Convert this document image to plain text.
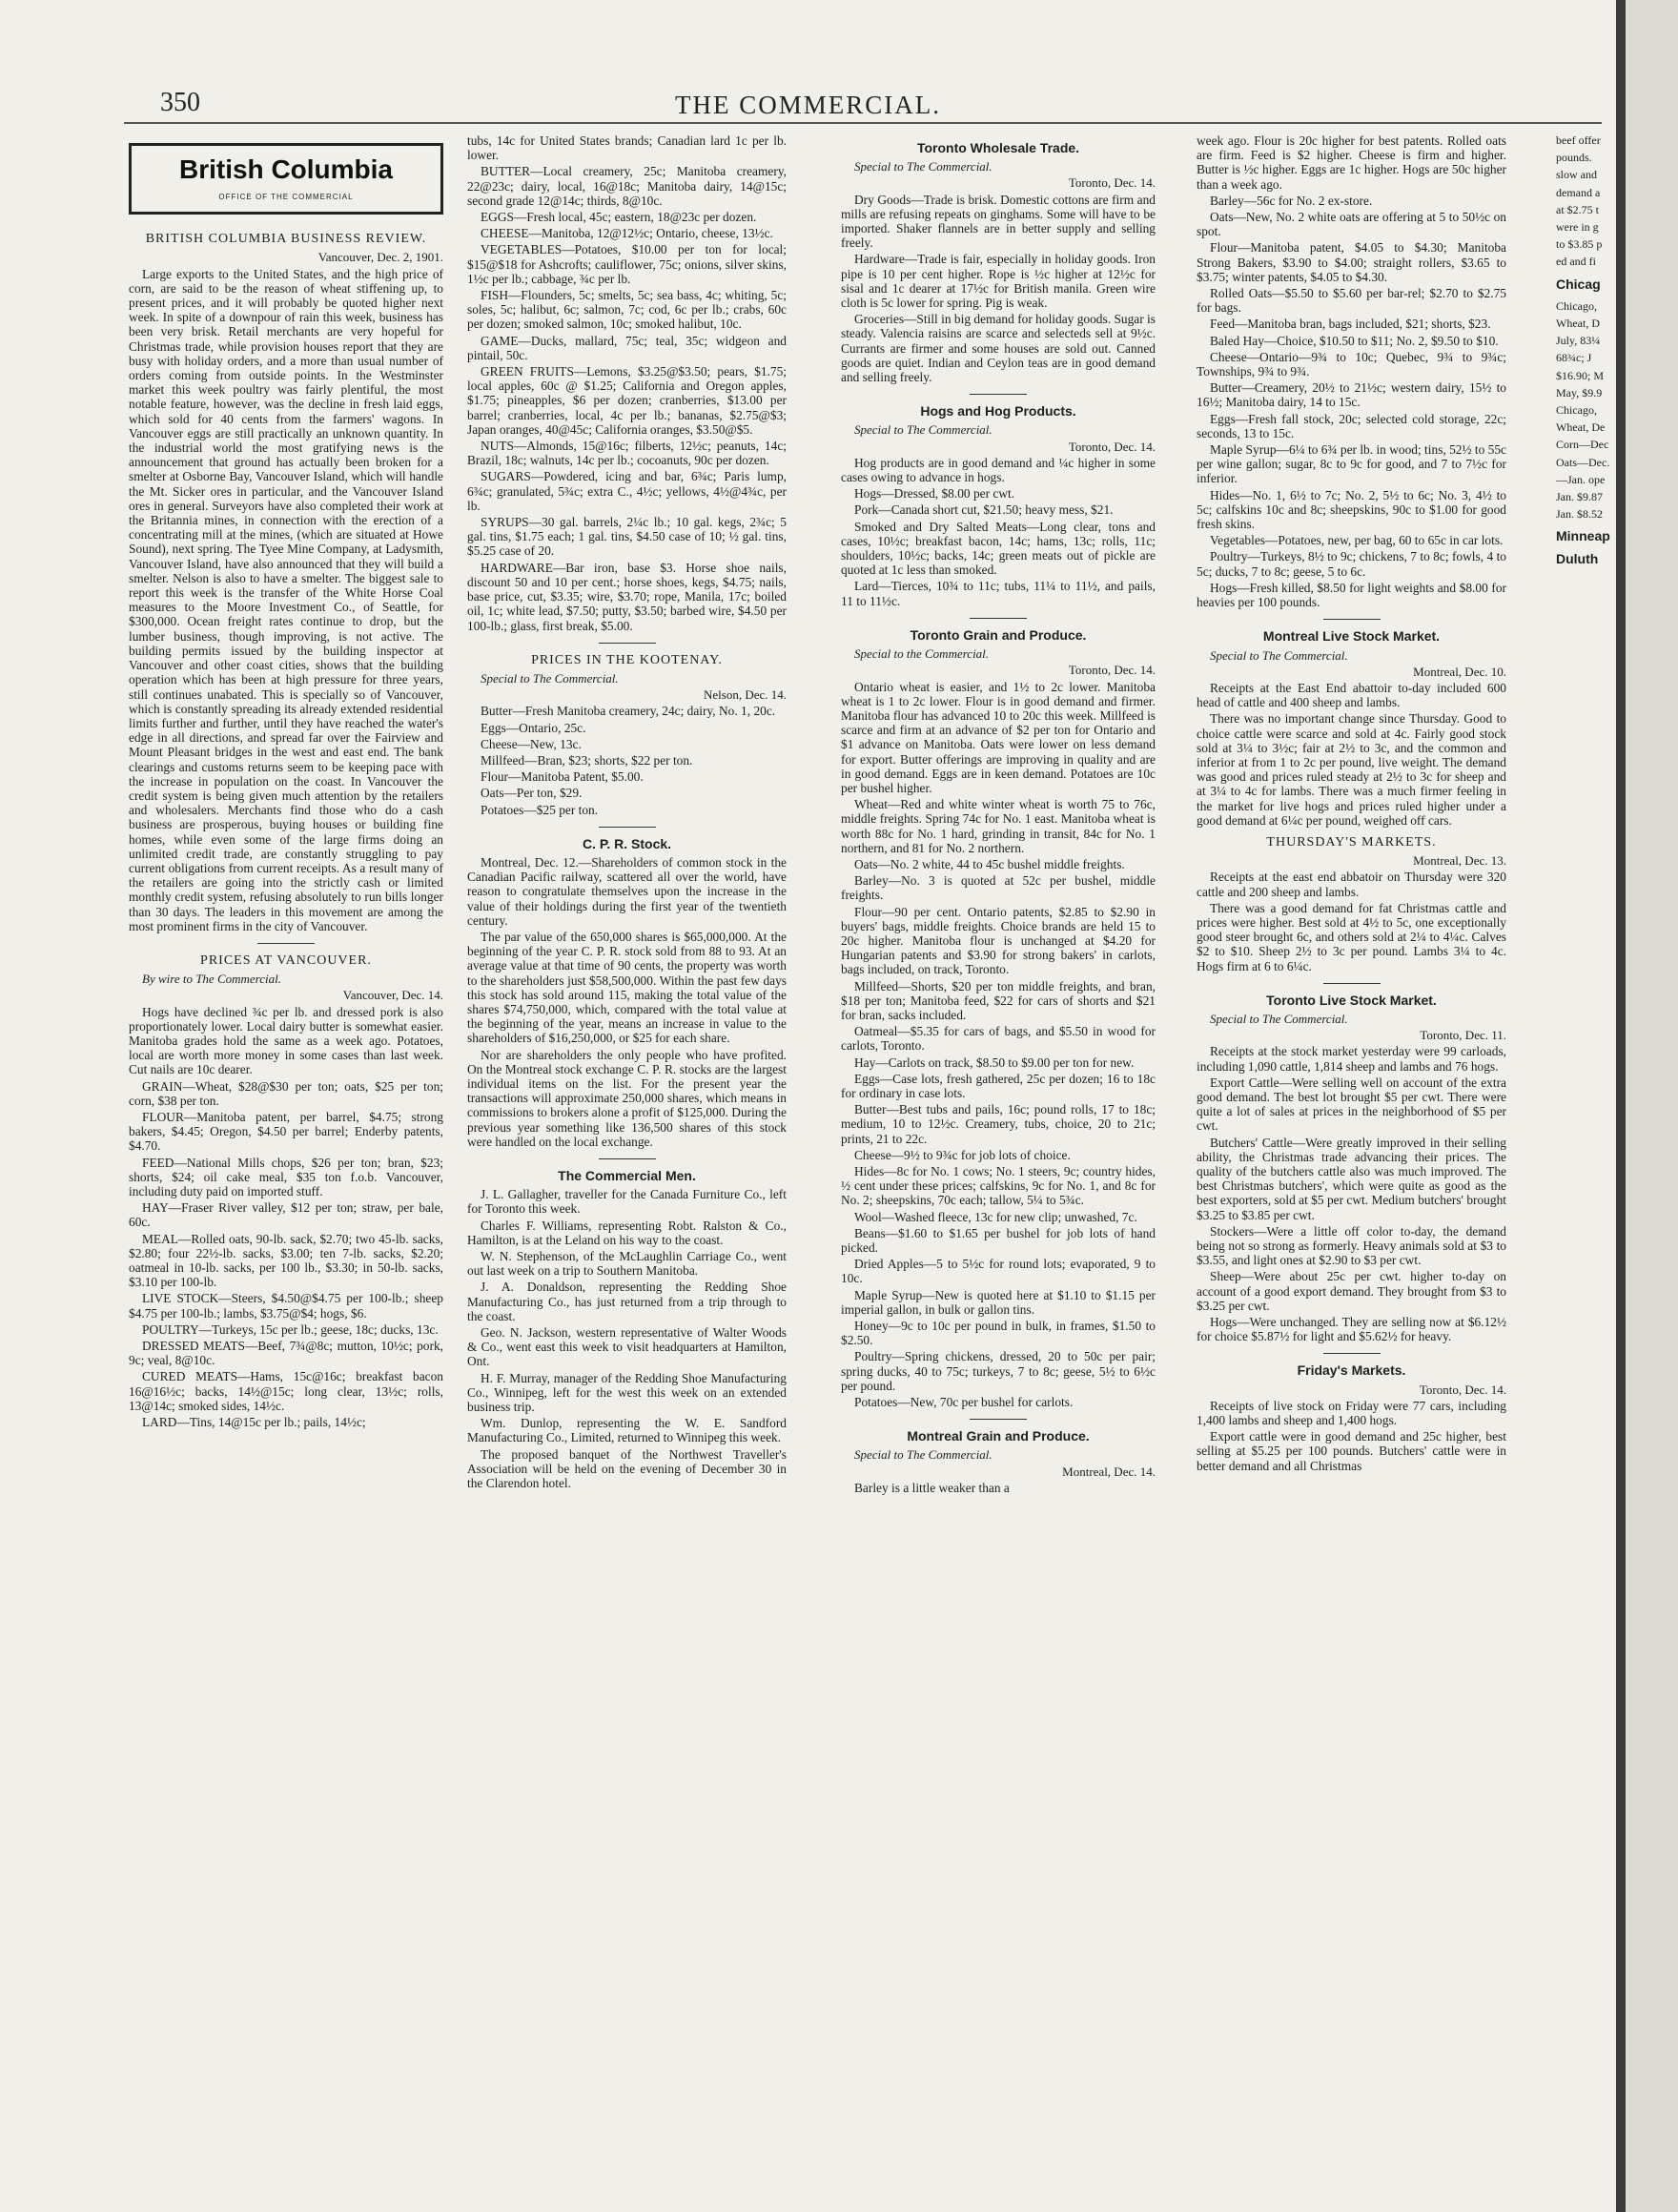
350	THE COMMERCIAL.
British Columbia
OFFICE OF THE COMMERCIAL
BRITISH COLUMBIA BUSINESS REVIEW.
Vancouver, Dec. 2, 1901.

Large exports to the United States, and the high price of corn, are said to be the reason of wheat stiffening up, to present prices, and it will probably be quoted higher next week. In spite of a downpour of rain this week, business has been very brisk. Retail merchants are very hopeful for Christmas trade, while provision houses report that they are busy with holiday orders, and a more than usual number of orders coming from outside points. In the Westminster market this week poultry was fairly plentiful, the most notable feature, however, was the decline in fresh laid eggs, which sold for 40 cents from the farmers' wagons. In Vancouver eggs are still practically an unknown quantity. In the industrial world the most gratifying news is the announcement that ground has actually been broken for a smelter at Osborne Bay, Vancouver Island, which will handle the Mt. Sicker ores in particular, and the Vancouver Island ores in general. Surveyors have also completed their work at the Britannia mines, in connection with the erection of a concentrating mill at the mines, (which are situated at Howe Sound), next spring. The Tyee Mine Company, at Ladysmith, Vancouver Island, have also announced that they will build a smelter. Nelson is also to have a smelter. The biggest sale to report this week is the transfer of the White Horse Coal measures to the Moore Investment Co., of Seattle, for $300,000. Ocean freight rates continue to drop, but the lumber business, though improving, is not active. The building permits issued by the building inspector at Vancouver and other coast cities, shows that the building operation which has been at high pressure for three years, still continues unabated. This is specially so of Vancouver, which is constantly spreading its already extended residential limits further and further, until they have reached the water's edge in all directions, and spread far over the Fairview and Mount Pleasant bridges in the west and east end. The bank clearings and customs returns seem to be keeping pace with the increase in population on the coast. In Vancouver the credit system is being given much attention by the retailers and wholesalers. Merchants find those who do a cash business are prosperous, buying houses or building fine homes, while even some of the large firms doing an unlimited credit trade, are constantly struggling to pay current obligations from current receipts. As a result many of the retailers are going into the strictly cash or limited monthly credit system, refusing absolutely to run bills longer than 30 days. The leaders in this movement are among the most prominent firms in the city of Vancouver.

PRICES AT VANCOUVER.

By wire to The Commercial.

Vancouver, Dec. 14.

Hogs have declined ¾c per lb. and dressed pork is also proportionately lower. Local dairy butter is somewhat easier. Manitoba grades hold the same as a week ago. Potatoes, local are worth more money in some cases than last week. Cut nails are 10c dearer.

GRAIN—Wheat, $28@$30 per ton; oats, $25 per ton; corn, $38 per ton.

FLOUR—Manitoba patent, per barrel, $4.75; strong bakers, $4.45; Oregon, $4.50 per barrel; Enderby patents, $4.70.

FEED—National Mills chops, $26 per ton; bran, $23; shorts, $24; oil cake meal, $35 ton f.o.b. Vancouver, including duty paid on imported stuff.

HAY—Fraser River valley, $12 per ton; straw, per bale, 60c.

MEAL—Rolled oats, 90-lb. sack, $2.70; two 45-lb. sacks, $2.80; four 22½-lb. sacks, $3.00; ten 7-lb. sacks, $2.20; oatmeal in 10-lb. sacks, per 100 lb., $3.30; in 50-lb. sacks, $3.10 per 100-lb.

LIVE STOCK—Steers, $4.50@$4.75 per 100-lb.; sheep $4.75 per 100-lb.; lambs, $3.75@$4; hogs, $6.

POULTRY—Turkeys, 15c per lb.; geese, 18c; ducks, 13c.

DRESSED MEATS—Beef, 7¾@8c; mutton, 10½c; pork, 9c; veal, 8@10c.

CURED MEATS—Hams, 15c@16c; breakfast bacon 16@16½c; backs, 14½@15c; long clear, 13½c; rolls, 13@14c; smoked sides, 14½c.

LARD—Tins, 14@15c per lb.; pails, 14½c;

tubs, 14c for United States brands; Canadian lard 1c per lb. lower.

BUTTER—Local creamery, 25c; Manitoba creamery, 22@23c; dairy, local, 16@18c; Manitoba dairy, 14@15c; second grade 12@14c; thirds, 8@10c.

EGGS—Fresh local, 45c; eastern, 18@23c per dozen.

CHEESE—Manitoba, 12@12½c; Ontario, cheese, 13½c.

VEGETABLES—Potatoes, $10.00 per ton for local; $15@$18 for Ashcrofts; cauliflower, 75c; onions, silver skins, 1½c per lb.; cabbage, ¾c per lb.

FISH—Flounders, 5c; smelts, 5c; sea bass, 4c; whiting, 5c; soles, 5c; halibut, 6c; salmon, 7c; cod, 6c per lb.; crabs, 60c per dozen; smoked salmon, 10c; smoked halibut, 10c.

GAME—Ducks, mallard, 75c; teal, 35c; widgeon and pintail, 50c.

GREEN FRUITS—Lemons, $3.25@$3.50; pears, $1.75; local apples, 60c @ $1.25; California and Oregon apples, $1.75; pineapples, $6 per dozen; cranberries, $13.00 per barrel; cranberries, local, 4c per lb.; bananas, $2.75@$3; Japan oranges, 40@45c; California oranges, $3.50@$5.

NUTS—Almonds, 15@16c; filberts, 12½c; peanuts, 14c; Brazil, 18c; walnuts, 14c per lb.; cocoanuts, 90c per dozen.

SUGARS—Powdered, icing and bar, 6¾c; Paris lump, 6¾c; granulated, 5¾c; extra C., 4½c; yellows, 4½@4¾c, per lb.

SYRUPS—30 gal. barrels, 2¼c lb.; 10 gal. kegs, 2¾c; 5 gal. tins, $1.75 each; 1 gal. tins, $4.50 case of 10; ½ gal. tins, $5.25 case of 20.

HARDWARE—Bar iron, base $3. Horse shoe nails, discount 50 and 10 per cent.; horse shoes, kegs, $4.75; nails, base price, cut, $3.35; wire, $3.70; rope, Manila, 17c; boiled oil, 1c; white lead, $7.50; putty, $3.50; barbed wire, $4.50 per 100-lb.; glass, first break, $5.00.

PRICES IN THE KOOTENAY.

Special to The Commercial.

Nelson, Dec. 14.

Butter—Fresh Manitoba creamery, 24c; dairy, No. 1, 20c.

Eggs—Ontario, 25c.

Cheese—New, 13c.

Millfeed—Bran, $23; shorts, $22 per ton.

Flour—Manitoba Patent, $5.00.

Oats—Per ton, $29.

Potatoes—$25 per ton.

C. P. R. Stock.

Montreal, Dec. 12.—Shareholders of common stock in the Canadian Pacific railway, scattered all over the world, have reason to congratulate themselves upon the increase in the value of their holdings during the first year of the twentieth century.

The par value of the 650,000 shares is $65,000,000. At the beginning of the year C. P. R. stock sold from 88 to 93. At an average value at that time of 90 cents, the property was worth to the shareholders just $58,500,000. Within the past few days this stock has sold around 115, making the total value of the shares $74,750,000, which, compared with the total value at the beginning of the year, means an increase in value to the shareholders of $16,250,000, or $25 for each share.

Nor are shareholders the only people who have profited. On the Montreal stock exchange C. P. R. stocks are the largest individual items on the list. For the present year the transactions will approximate 250,000 shares, which means in commissions to brokers alone a profit of $125,000. During the previous year something like 136,500 shares of this stock were handled on the local exchange.

The Commercial Men.

J. L. Gallagher, traveller for the Canada Furniture Co., left for Toronto this week.

Charles F. Williams, representing Robt. Ralston & Co., Hamilton, is at the Leland on his way to the coast.

W. N. Stephenson, of the McLaughlin Carriage Co., went out last week on a trip to Southern Manitoba.

J. A. Donaldson, representing the Redding Shoe Manufacturing Co., has just returned from a trip through to the coast.

Geo. N. Jackson, western representative of Walter Woods & Co., went east this week to visit headquarters at Hamilton, Ont.

H. F. Murray, manager of the Redding Shoe Manufacturing Co., Winnipeg, left for the west this week on an extended business trip.

Wm. Dunlop, representing the W. E. Sandford Manufacturing Co., Limited, returned to Winnipeg this week.

The proposed banquet of the Northwest Traveller's Association will be held on the evening of December 30 in the Clarendon hotel.

Toronto Wholesale Trade.

Special to The Commercial.

Toronto, Dec. 14.

Dry Goods—Trade is brisk. Domestic cottons are firm and mills are refusing repeats on ginghams. Some will have to be imported. Shaker flannels are in better supply and selling freely.

Hardware—Trade is fair, especially in holiday goods. Iron pipe is 10 per cent higher. Rope is ½c higher at 12½c for sisal and 1c dearer at 17½c for British manila. Green wire cloth is 5c lower for spring. Pig is weak.

Groceries—Still in big demand for holiday goods. Sugar is steady. Valencia raisins are scarce and selecteds sell at 9½c. Currants are firmer and some houses are sold out. Canned goods are quiet. Indian and Ceylon teas are in good demand and selling freely.

Hogs and Hog Products.

Special to The Commercial.

Toronto, Dec. 14.

Hog products are in good demand and ¼c higher in some cases owing to advance in hogs.

Hogs—Dressed, $8.00 per cwt.

Pork—Canada short cut, $21.50; heavy mess, $21.

Smoked and Dry Salted Meats—Long clear, tons and cases, 10½c; breakfast bacon, 14c; hams, 13c; rolls, 11c; shoulders, 10½c; backs, 14c; green meats out of pickle are quoted at 1c less than smoked.

Lard—Tierces, 10¾ to 11c; tubs, 11¼ to 11½, and pails, 11 to 11½c.

Toronto Grain and Produce.

Special to the Commercial.

Toronto, Dec. 14.

Ontario wheat is easier, and 1½ to 2c lower. Manitoba wheat is 1 to 2c lower. Flour is in good demand and firmer. Manitoba flour has advanced 10 to 20c this week. Millfeed is scarce and firm at an advance of $2 per ton for Ontario and $1 advance on Manitoba. Oats were lower on less demand for export. Butter offerings are improving in quality and are in good demand. Eggs are in keen demand. Potatoes are 10c per bushel higher.

Wheat—Red and white winter wheat is worth 75 to 76c, middle freights. Spring 74c for No. 1 east. Manitoba wheat is worth 88c for No. 1 hard, grinding in transit, 84c for No. 1 northern, and 81 for No. 2 northern.

Oats—No. 2 white, 44 to 45c bushel middle freights.

Barley—No. 3 is quoted at 52c per bushel, middle freights.

Flour—90 per cent. Ontario patents, $2.85 to $2.90 in buyers' bags, middle freights. Choice brands are held 15 to 20c higher. Manitoba flour is unchanged at $4.20 for Hungarian patents and $3.90 for strong bakers' in carlots, bags included, on track, Toronto.

Millfeed—Shorts, $20 per ton middle freights, and bran, $18 per ton; Manitoba feed, $22 for cars of shorts and $21 for bran, sacks included.

Oatmeal—$5.35 for cars of bags, and $5.50 in wood for carlots, Toronto.

Hay—Carlots on track, $8.50 to $9.00 per ton for new.

Eggs—Case lots, fresh gathered, 25c per dozen; 16 to 18c for ordinary in case lots.

Butter—Best tubs and pails, 16c; pound rolls, 17 to 18c; medium, 10 to 12½c. Creamery, tubs, choice, 20 to 21c; prints, 21 to 22c.

Cheese—9½ to 9¾c for job lots of choice.

Hides—8c for No. 1 cows; No. 1 steers, 9c; country hides, ½ cent under these prices; calfskins, 9c for No. 1, and 8c for No. 2; sheepskins, 70c each; tallow, 5¼ to 5¾c.

Wool—Washed fleece, 13c for new clip; unwashed, 7c.

Beans—$1.60 to $1.65 per bushel for job lots of hand picked.

Dried Apples—5 to 5½c for round lots; evaporated, 9 to 10c.

Maple Syrup—New is quoted here at $1.10 to $1.15 per imperial gallon, in bulk or gallon tins.

Honey—9c to 10c per pound in bulk, in frames, $1.50 to $2.50.

Poultry—Spring chickens, dressed, 20 to 50c per pair; spring ducks, 40 to 75c; turkeys, 7 to 8c; geese, 5½ to 6½c per pound.

Potatoes—New, 70c per bushel for carlots.

Montreal Grain and Produce.

Special to The Commercial.

Montreal, Dec. 14.

Barley is a little weaker than a

week ago. Flour is 20c higher for best patents. Rolled oats are firm. Feed is $2 higher. Cheese is firm and higher. Butter is ½c higher. Eggs are 1c higher. Hogs are 50c higher than a week ago.

Barley—56c for No. 2 ex-store.

Oats—New, No. 2 white oats are offering at 5 to 50½c on spot.

Flour—Manitoba patent, $4.05 to $4.30; Manitoba Strong Bakers, $3.90 to $4.00; straight rollers, $3.65 to $3.75; winter patents, $4.05 to $4.30.

Rolled Oats—$5.50 to $5.60 per bar-rel; $2.70 to $2.75 for bags.

Feed—Manitoba bran, bags included, $21; shorts, $23.

Baled Hay—Choice, $10.50 to $11; No. 2, $9.50 to $10.

Cheese—Ontario—9¾ to 10c; Quebec, 9¾ to 9¾c; Townships, 9¾ to 9¾.

Butter—Creamery, 20½ to 21½c; western dairy, 15½ to 16½; Manitoba dairy, 14 to 15c.

Eggs—Fresh fall stock, 20c; selected cold storage, 22c; seconds, 13 to 15c.

Maple Syrup—6¼ to 6¾ per lb. in wood; tins, 52½ to 55c per wine gallon; sugar, 8c to 9c for good, and 7 to 7½c for inferior.

Hides—No. 1, 6½ to 7c; No. 2, 5½ to 6c; No. 3, 4½ to 5c; calfskins 10c and 8c; sheepskins, 90c to $1.00 for good fresh skins.

Vegetables—Potatoes, new, per bag, 60 to 65c in car lots.

Poultry—Turkeys, 8½ to 9c; chickens, 7 to 8c; fowls, 4 to 5c; ducks, 7 to 8c; geese, 5 to 6c.

Hogs—Fresh killed, $8.50 for light weights and $8.00 for heavies per 100 pounds.

Montreal Live Stock Market.

Special to The Commercial.

Montreal, Dec. 10.

Receipts at the East End abattoir to-day included 600 head of cattle and 400 sheep and lambs.

There was no important change since Thursday. Good to choice cattle were scarce and sold at 4c. Fairly good stock sold at 3¼ to 3½c; fair at 2½ to 3c, and the common and inferior at from 1 to 2c per pound, live weight. The demand was good and prices ruled steady at 2½ to 3c for sheep and at 3¼ to 4c for lambs. There was a much firmer feeling in the market for live hogs and prices ruled higher under a good demand at 6¼c per pound, weighed off cars.

THURSDAY'S MARKETS.
Montreal, Dec. 13.

Receipts at the east end abbatoir on Thursday were 320 cattle and 200 sheep and lambs.

There was a good demand for fat Christmas cattle and prices were higher. Best sold at 4½ to 5c, one exceptionally good steer brought 6c, and others sold at 2¼ to 4¼c. Calves $2 to $10. Sheep 2½ to 3c per pound. Lambs 3¼ to 4c. Hogs firm at 6 to 6¼c.

Toronto Live Stock Market.

Special to The Commercial.

Toronto, Dec. 11.

Receipts at the stock market yesterday were 99 carloads, including 1,090 cattle, 1,814 sheep and lambs and 76 hogs.

Export Cattle—Were selling well on account of the extra good demand. The best lot brought $5 per cwt. There were quite a lot of sales at prices in the neighborhood of $5 per cwt.

Butchers' Cattle—Were greatly improved in their selling ability, the Christmas trade advancing their prices. The quality of the butchers cattle also was much improved. The best Christmas butchers', which were quite as good as the best exporters, sold at $5 per cwt. Medium butchers' brought $3.25 to $3.85 per cwt.

Stockers—Were a little off color to-day, the demand being not so strong as formerly. Heavy animals sold at $3 to $3.55, and light ones at $2.90 to $3 per cwt.

Sheep—Were about 25c per cwt. higher to-day on account of a good export demand. They brought from $3 to $3.25 per cwt.

Hogs—Were unchanged. They are selling now at $6.12½ for choice $5.87½ for light and $5.62½ for heavy.

Friday's Markets.
Toronto, Dec. 14.

Receipts of live stock on Friday were 77 cars, including 1,400 lambs and sheep and 1,400 hogs.

Export cattle were in good demand and 25c higher, best selling at $5.25 per 100 pounds. Butchers' cattle were in better demand and all Christmas

beef offer
pounds.
slow and
demand a
at $2.75 t
were in g
to $3.85 p
ed and fi
Chicag
Chicago,
Wheat, D
July, 83¼
68¾c; J
$16.90; M
May, $9.9
Chicago,
Wheat, De
Corn—Dec
Oats—Dec.
—Jan. ope
Jan. $9.87
Jan. $8.52
Minneap
Duluth
